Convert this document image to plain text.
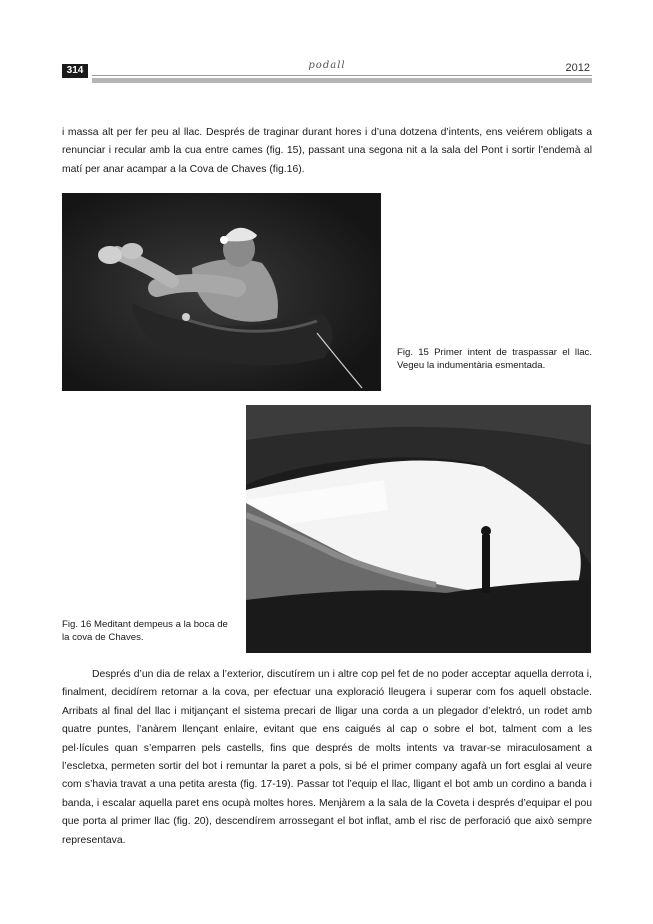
314	podall	2012

i massa alt per fer peu al llac. Després de traginar durant hores i d’una dotzena d’intents, ens veiérem obligats a renunciar i recular amb la cua entre cames (fig. 15), passant una segona nit a la sala del Pont i sortir l’endemà al matí per anar acampar a la Cova de Chaves (fig.16).

Fig. 15 Primer intent de traspassar el llac. Vegeu la indumentària esmentada.

Fig. 16 Meditant dempeus a la boca de la cova de Chaves.

Després d’un dia de relax a l’exterior, discutírem un i altre cop pel fet de no poder acceptar aquella derrota i, finalment, decidírem retornar a la cova, per efectuar una exploració lleugera i superar com fos aquell obstacle. Arribats al final del llac i mitjançant el sistema precari de lligar una corda a un plegador d’elektró, un rodet amb quatre puntes, l’anàrem llençant enlaire, evitant que ens caigués al cap o sobre el bot, talment com a les pel·lícules quan s’emparren pels castells, fins que després de molts intents va travar-se miraculosament a l’escletxa, permeten sortir del bot i remuntar la paret a pols, si bé el primer company agafà un fort esglai al veure com s’havia travat a una petita aresta (fig. 17-19). Passar tot l’equip el llac, lligant el bot amb un cordino a banda i banda, i escalar aquella paret ens ocupà moltes hores. Menjàrem a la sala de la Coveta i després d’equipar el pou que porta al primer llac (fig. 20), descendírem arrossegant el bot inflat, amb el risc de perforació que això sempre representava.
